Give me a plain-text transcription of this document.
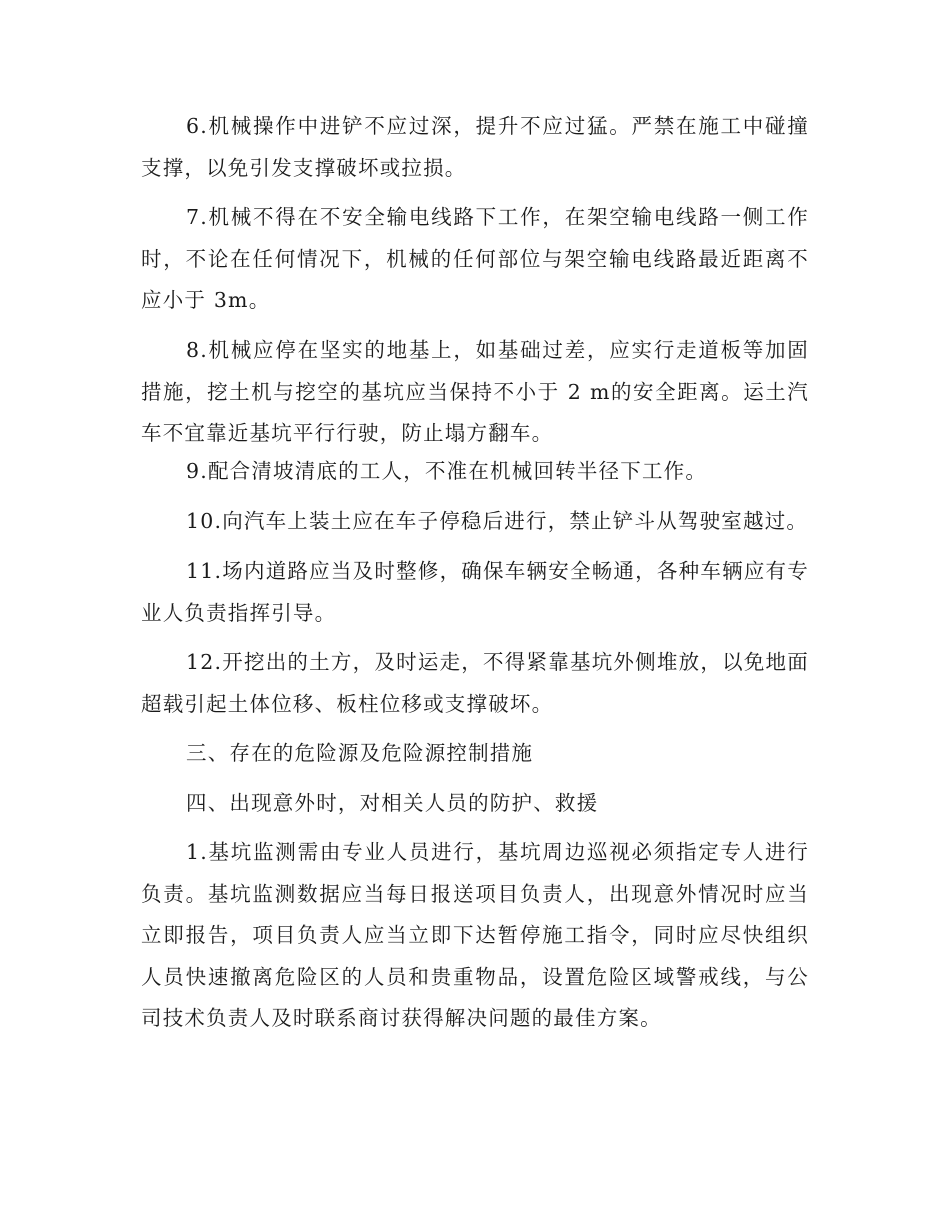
6.机械操作中进铲不应过深，提升不应过猛。严禁在施工中碰撞支撑，以免引发支撑破坏或拉损。

7.机械不得在不安全输电线路下工作，在架空输电线路一侧工作时，不论在任何情况下，机械的任何部位与架空输电线路最近距离不应小于 3m。

8.机械应停在坚实的地基上，如基础过差，应实行走道板等加固措施，挖土机与挖空的基坑应当保持不小于 2 m的安全距离。运土汽车不宜靠近基坑平行行驶，防止塌方翻车。

9.配合清坡清底的工人，不准在机械回转半径下工作。

10.向汽车上装土应在车子停稳后进行，禁止铲斗从驾驶室越过。

11.场内道路应当及时整修，确保车辆安全畅通，各种车辆应有专业人负责指挥引导。

12.开挖出的土方，及时运走，不得紧靠基坑外侧堆放，以免地面超载引起土体位移、板柱位移或支撑破坏。

三、存在的危险源及危险源控制措施

四、出现意外时，对相关人员的防护、救援

1.基坑监测需由专业人员进行，基坑周边巡视必须指定专人进行负责。基坑监测数据应当每日报送项目负责人，出现意外情况时应当立即报告，项目负责人应当立即下达暂停施工指令，同时应尽快组织人员快速撤离危险区的人员和贵重物品，设置危险区域警戒线，与公司技术负责人及时联系商讨获得解决问题的最佳方案。
